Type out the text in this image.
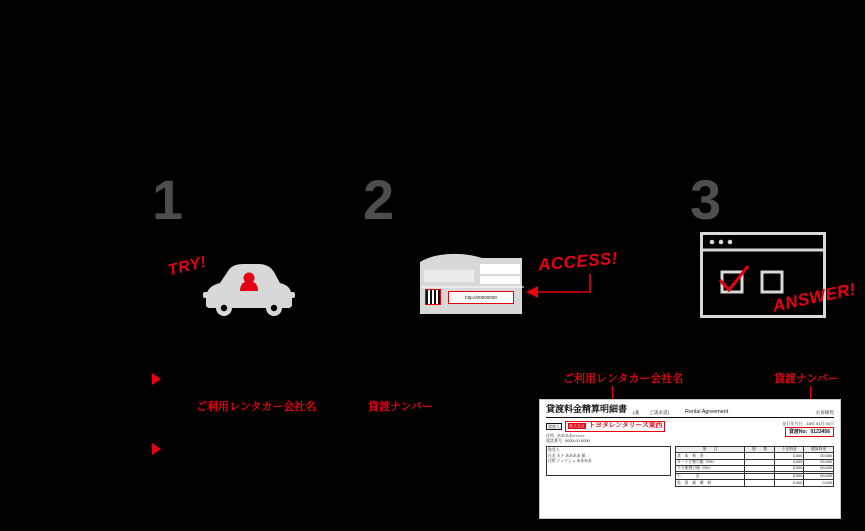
1	2	3
TRY!
http://00000000
ACCESS!
ANSWER!
ご利用レンタカー会社名	貸渡ナンバー
ご利用レンタカー会社名	貸渡ナンバー
貸渡料金精算明細書 (兼 ご請求書)	Rental Agreement	お客様控
貸渡人	株式会社 トヨタレンタリース東西
住所 ああああ×××××
電話番号 0000-00-0000
発行年月日：18年 01月 01日
貸渡No：0123456
借受人
氏名 カナ ああああ 様
住所 ジュウショ ああああ
項　　目	個　　数	不足料金	精算料金
基　本　料　金		0,000	00,000
カーナビ割引額（0%）		0,000	00,000
その他割引額（0%）		0,000	00,000

小　　　　計		0,000	00,000
免　責　補　償　料		0,000	0,000
